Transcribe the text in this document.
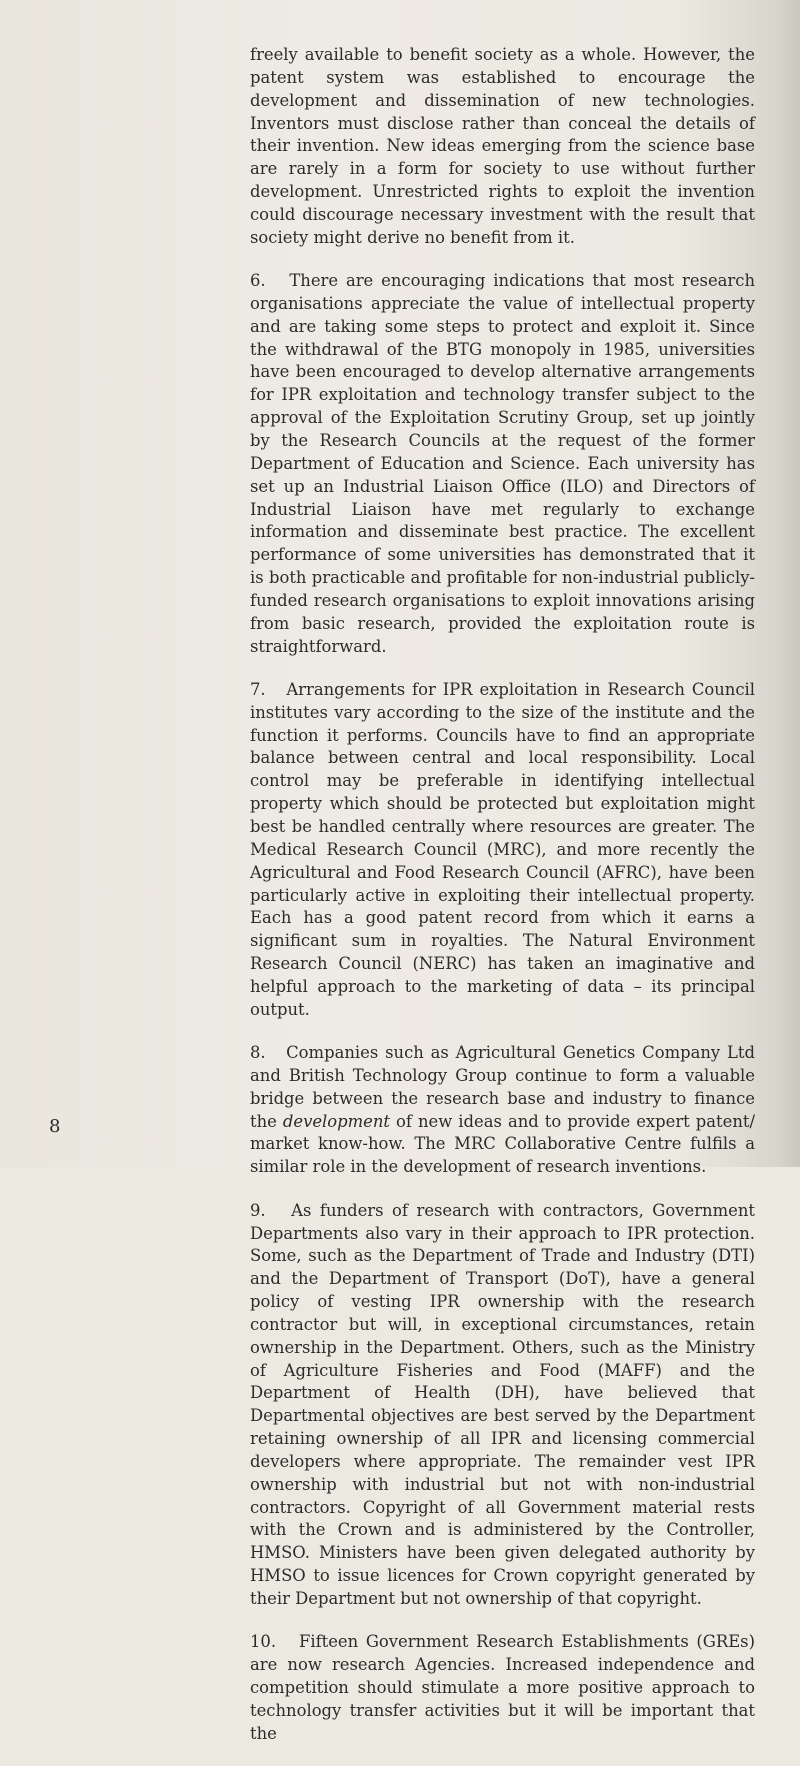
freely available to benefit society as a whole. However, the patent system was established to encourage the development and dissemination of new technologies. Inventors must disclose rather than conceal the details of their invention. New ideas emerging from the science base are rarely in a form for society to use without further development. Unrestricted rights to exploit the invention could discourage necessary investment with the result that society might derive no benefit from it.

6. There are encouraging indications that most research organisations appreciate the value of intellectual property and are taking some steps to protect and exploit it. Since the withdrawal of the BTG monopoly in 1985, universities have been encouraged to develop alternative arrangements for IPR exploitation and technology transfer subject to the approval of the Exploitation Scrutiny Group, set up jointly by the Research Councils at the request of the former Department of Education and Science. Each university has set up an Industrial Liaison Office (ILO) and Directors of Industrial Liaison have met regularly to exchange information and disseminate best practice. The excellent performance of some universities has demonstrated that it is both practicable and profitable for non-industrial publicly-funded research organisations to exploit innovations arising from basic research, provided the exploitation route is straightforward.

7. Arrangements for IPR exploitation in Research Council institutes vary according to the size of the institute and the function it performs. Councils have to find an appropriate balance between central and local responsibility. Local control may be preferable in identifying intellectual property which should be protected but exploitation might best be handled centrally where resources are greater. The Medical Research Council (MRC), and more recently the Agricultural and Food Research Council (AFRC), have been particularly active in exploiting their intellectual property. Each has a good patent record from which it earns a significant sum in royalties. The Natural Environment Research Council (NERC) has taken an imaginative and helpful approach to the marketing of data – its principal output.

8. Companies such as Agricultural Genetics Company Ltd and British Technology Group continue to form a valuable bridge between the research base and industry to finance the development of new ideas and to provide expert patent/ market know-how. The MRC Collaborative Centre fulfils a similar role in the development of research inventions.

9. As funders of research with contractors, Government Departments also vary in their approach to IPR protection. Some, such as the Department of Trade and Industry (DTI) and the Department of Transport (DoT), have a general policy of vesting IPR ownership with the research contractor but will, in exceptional circumstances, retain ownership in the Department. Others, such as the Ministry of Agriculture Fisheries and Food (MAFF) and the Department of Health (DH), have believed that Departmental objectives are best served by the Department retaining ownership of all IPR and licensing commercial developers where appropriate. The remainder vest IPR ownership with industrial but not with non-industrial contractors. Copyright of all Government material rests with the Crown and is administered by the Controller, HMSO. Ministers have been given delegated authority by HMSO to issue licences for Crown copyright generated by their Department but not ownership of that copyright.

10. Fifteen Government Research Establishments (GREs) are now research Agencies. Increased independence and competition should stimulate a more positive approach to technology transfer activities but it will be important that the

8
